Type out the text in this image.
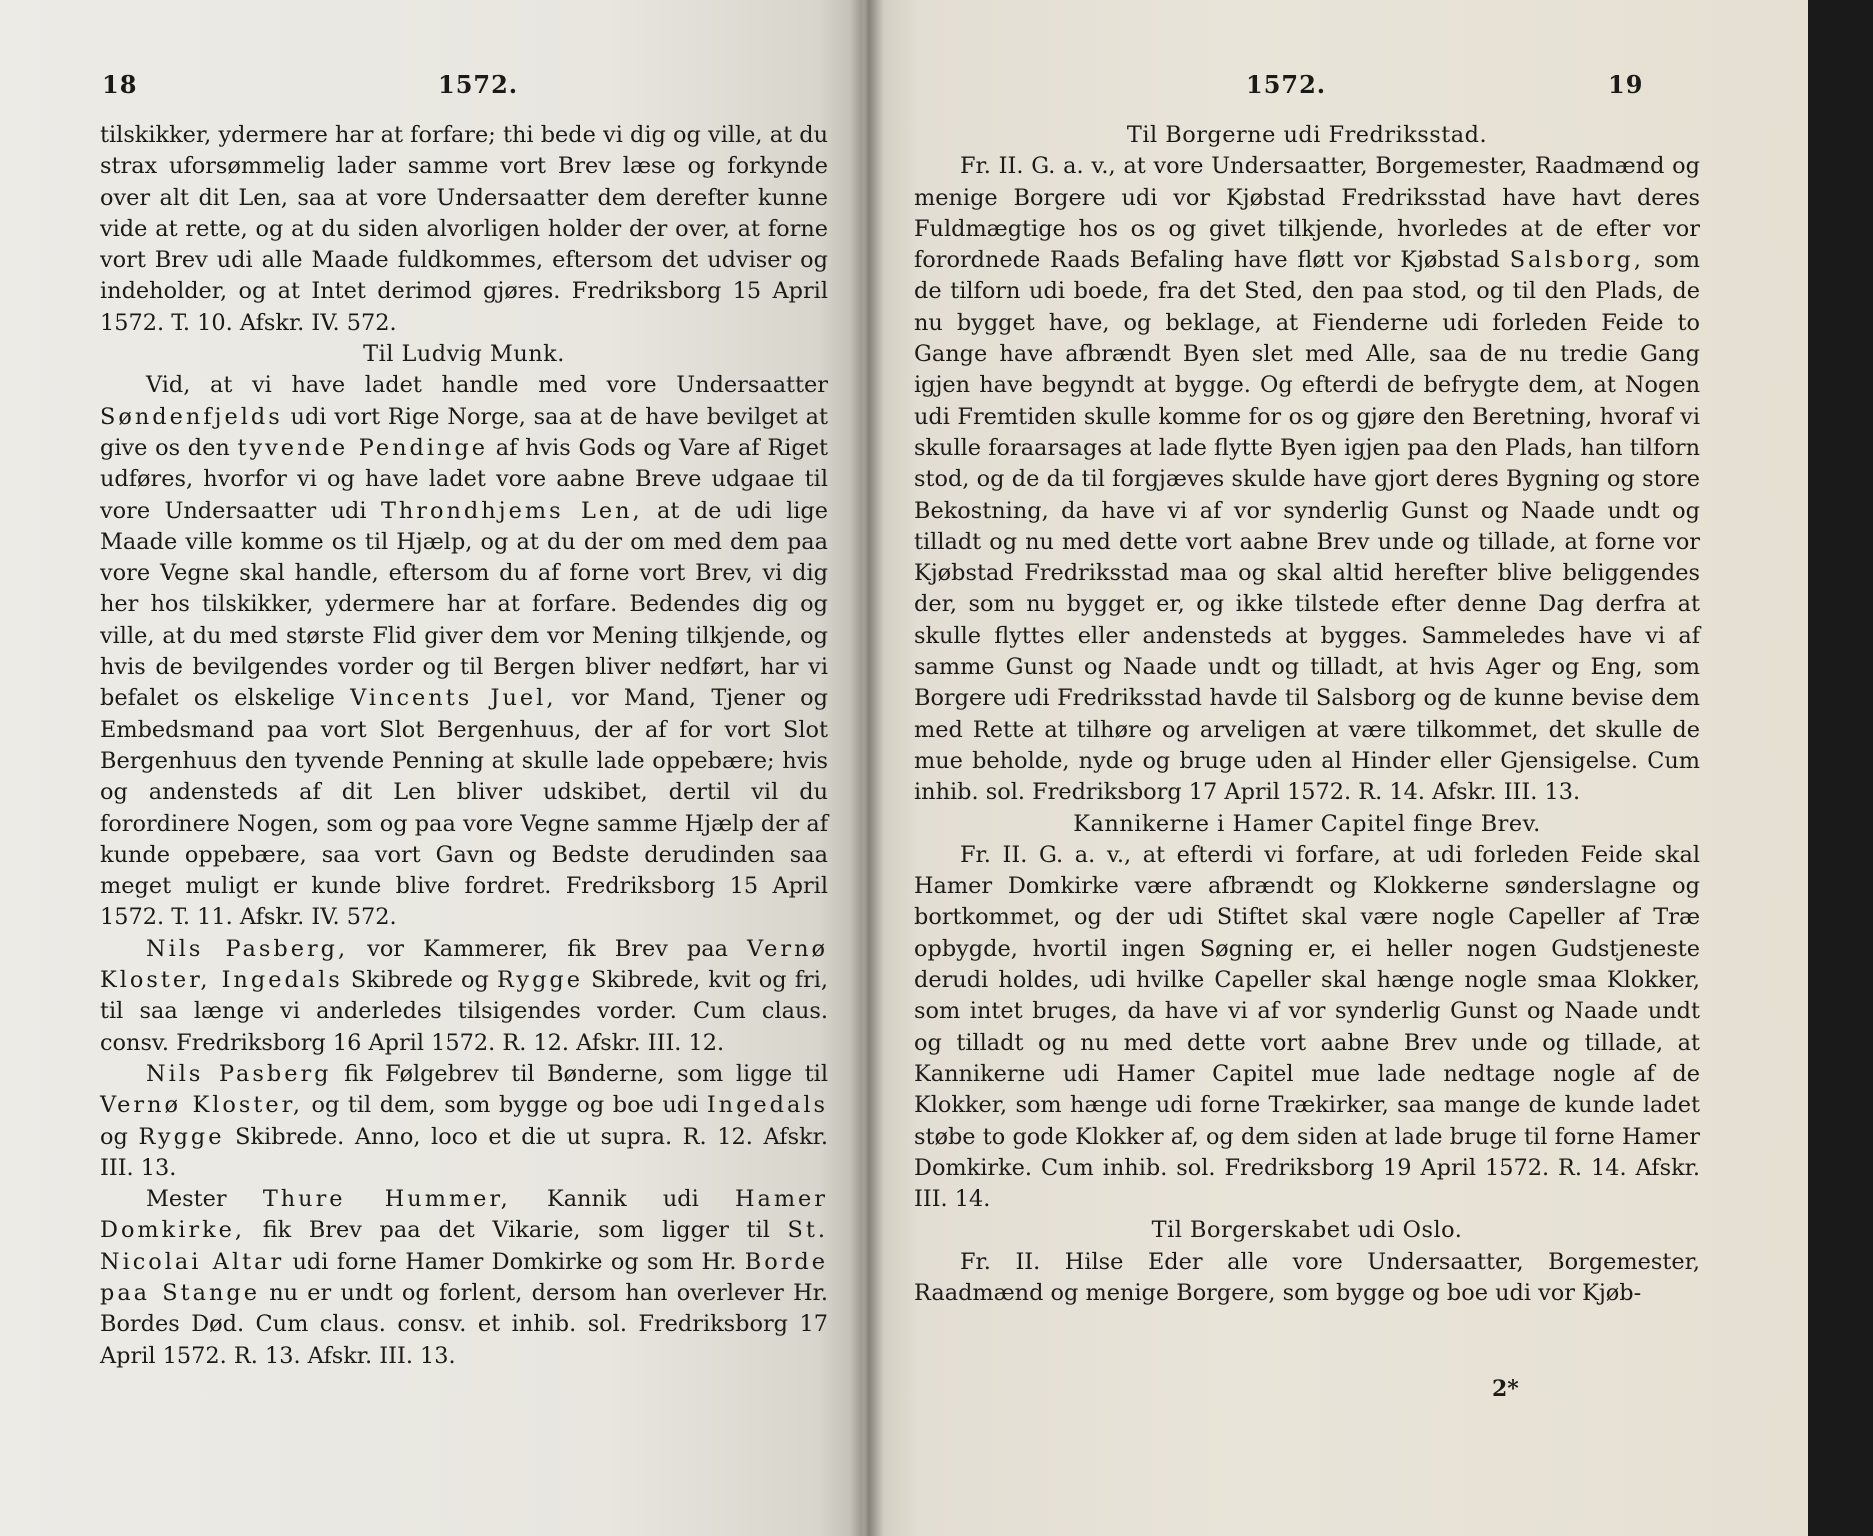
18	1572.

tilskikker, ydermere har at forfare; thi bede vi dig og ville, at du strax uforsømmelig lader samme vort Brev læse og forkynde over alt dit Len, saa at vore Undersaatter dem derefter kunne vide at rette, og at du siden alvorligen holder der over, at forne vort Brev udi alle Maade fuldkommes, eftersom det udviser og indeholder, og at Intet derimod gjøres. Fredriksborg 15 April 1572. T. 10. Afskr. IV. 572.

Til Ludvig Munk.

Vid, at vi have ladet handle med vore Undersaatter Søndenfjelds udi vort Rige Norge, saa at de have bevilget at give os den tyvende Pendinge af hvis Gods og Vare af Riget udføres, hvorfor vi og have ladet vore aabne Breve udgaae til vore Undersaatter udi Throndhjems Len, at de udi lige Maade ville komme os til Hjælp, og at du der om med dem paa vore Vegne skal handle, eftersom du af forne vort Brev, vi dig her hos tilskikker, ydermere har at forfare. Bedendes dig og ville, at du med største Flid giver dem vor Mening tilkjende, og hvis de bevilgendes vorder og til Bergen bliver nedført, har vi befalet os elskelige Vincents Juel, vor Mand, Tjener og Embedsmand paa vort Slot Bergenhuus, der af for vort Slot Bergenhuus den tyvende Penning at skulle lade oppebære; hvis og andensteds af dit Len bliver udskibet, dertil vil du forordinere Nogen, som og paa vore Vegne samme Hjælp der af kunde oppebære, saa vort Gavn og Bedste derudinden saa meget muligt er kunde blive fordret. Fredriksborg 15 April 1572. T. 11. Afskr. IV. 572.

Nils Pasberg, vor Kammerer, fik Brev paa Vernø Kloster, Ingedals Skibrede og Rygge Skibrede, kvit og fri, til saa længe vi anderledes tilsigendes vorder. Cum claus. consv. Fredriksborg 16 April 1572. R. 12. Afskr. III. 12.

Nils Pasberg fik Følgebrev til Bønderne, som ligge til Vernø Kloster, og til dem, som bygge og boe udi Ingedals og Rygge Skibrede. Anno, loco et die ut supra. R. 12. Afskr. III. 13.

Mester Thure Hummer, Kannik udi Hamer Domkirke, fik Brev paa det Vikarie, som ligger til St. Nicolai Altar udi forne Hamer Domkirke og som Hr. Borde paa Stange nu er undt og forlent, dersom han overlever Hr. Bordes Død. Cum claus. consv. et inhib. sol. Fredriksborg 17 April 1572. R. 13. Afskr. III. 13.

1572.	19

Til Borgerne udi Fredriksstad.

Fr. II. G. a. v., at vore Undersaatter, Borgemester, Raadmænd og menige Borgere udi vor Kjøbstad Fredriksstad have havt deres Fuldmægtige hos os og givet tilkjende, hvorledes at de efter vor forordnede Raads Befaling have fløtt vor Kjøbstad Salsborg, som de tilforn udi boede, fra det Sted, den paa stod, og til den Plads, de nu bygget have, og beklage, at Fienderne udi forleden Feide to Gange have afbrændt Byen slet med Alle, saa de nu tredie Gang igjen have begyndt at bygge. Og efterdi de befrygte dem, at Nogen udi Fremtiden skulle komme for os og gjøre den Beretning, hvoraf vi skulle foraarsages at lade flytte Byen igjen paa den Plads, han tilforn stod, og de da til forgjæves skulde have gjort deres Bygning og store Bekostning, da have vi af vor synderlig Gunst og Naade undt og tilladt og nu med dette vort aabne Brev unde og tillade, at forne vor Kjøbstad Fredriksstad maa og skal altid herefter blive beliggendes der, som nu bygget er, og ikke tilstede efter denne Dag derfra at skulle flyttes eller andensteds at bygges. Sammeledes have vi af samme Gunst og Naade undt og tilladt, at hvis Ager og Eng, som Borgere udi Fredriksstad havde til Salsborg og de kunne bevise dem med Rette at tilhøre og arveligen at være tilkommet, det skulle de mue beholde, nyde og bruge uden al Hinder eller Gjensigelse. Cum inhib. sol. Fredriksborg 17 April 1572. R. 14. Afskr. III. 13.

Kannikerne i Hamer Capitel finge Brev.

Fr. II. G. a. v., at efterdi vi forfare, at udi forleden Feide skal Hamer Domkirke være afbrændt og Klokkerne sønderslagne og bortkommet, og der udi Stiftet skal være nogle Capeller af Træ opbygde, hvortil ingen Søgning er, ei heller nogen Gudstjeneste derudi holdes, udi hvilke Capeller skal hænge nogle smaa Klokker, som intet bruges, da have vi af vor synderlig Gunst og Naade undt og tilladt og nu med dette vort aabne Brev unde og tillade, at Kannikerne udi Hamer Capitel mue lade nedtage nogle af de Klokker, som hænge udi forne Trækirker, saa mange de kunde ladet støbe to gode Klokker af, og dem siden at lade bruge til forne Hamer Domkirke. Cum inhib. sol. Fredriksborg 19 April 1572. R. 14. Afskr. III. 14.

Til Borgerskabet udi Oslo.

Fr. II. Hilse Eder alle vore Undersaatter, Borgemester, Raadmænd og menige Borgere, som bygge og boe udi vor Kjøb-

2*
